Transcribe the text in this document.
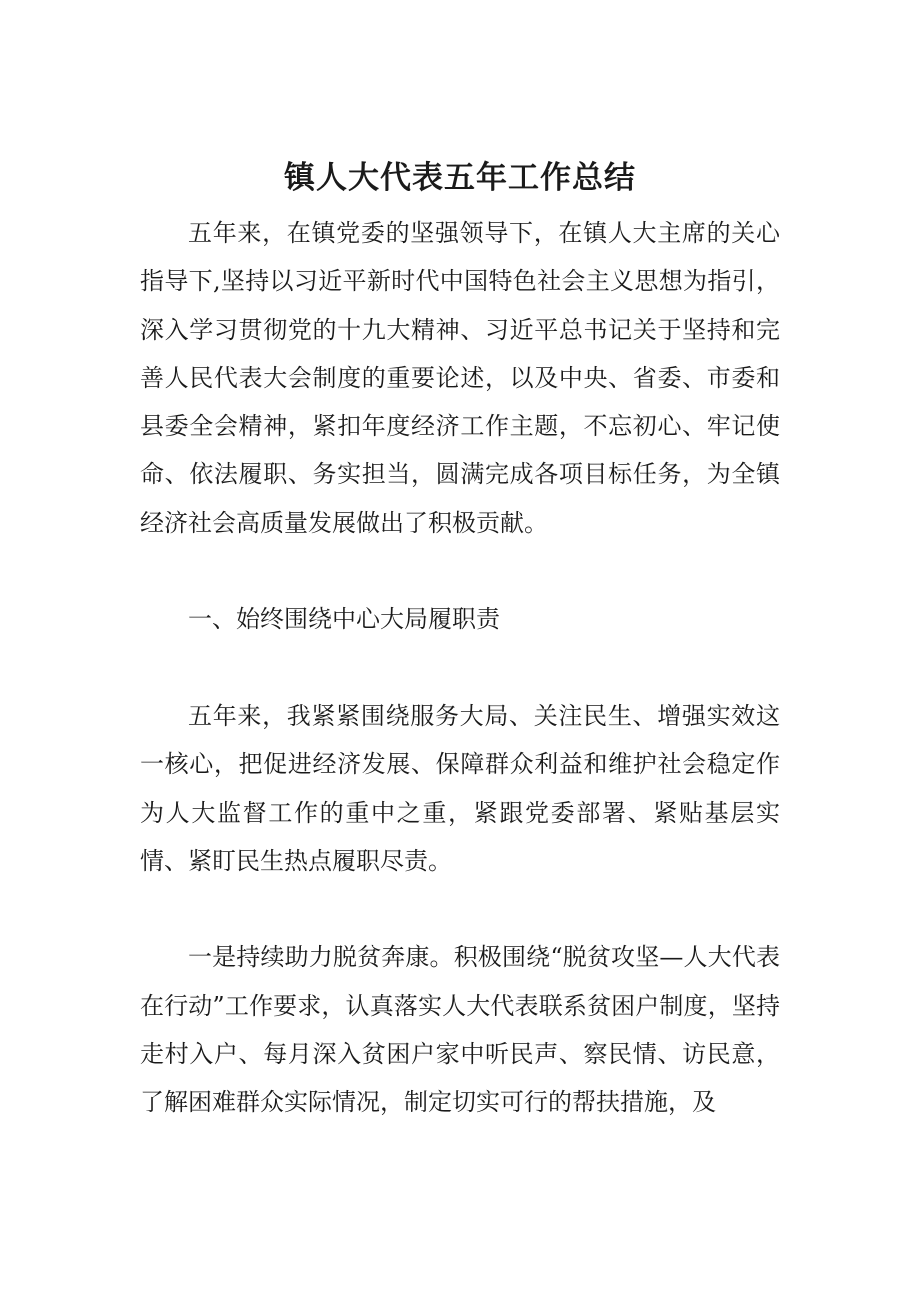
镇人大代表五年工作总结

五年来，在镇党委的坚强领导下，在镇人大主席的关心指导下,坚持以习近平新时代中国特色社会主义思想为指引，深入学习贯彻党的十九大精神、习近平总书记关于坚持和完善人民代表大会制度的重要论述，以及中央、省委、市委和县委全会精神，紧扣年度经济工作主题，不忘初心、牢记使命、依法履职、务实担当，圆满完成各项目标任务，为全镇经济社会高质量发展做出了积极贡献。

一、始终围绕中心大局履职责

五年来，我紧紧围绕服务大局、关注民生、增强实效这一核心，把促进经济发展、保障群众利益和维护社会稳定作为人大监督工作的重中之重，紧跟党委部署、紧贴基层实情、紧盯民生热点履职尽责。

一是持续助力脱贫奔康。积极围绕“脱贫攻坚—人大代表在行动”工作要求，认真落实人大代表联系贫困户制度，坚持走村入户、每月深入贫困户家中听民声、察民情、访民意，了解困难群众实际情况，制定切实可行的帮扶措施，及
